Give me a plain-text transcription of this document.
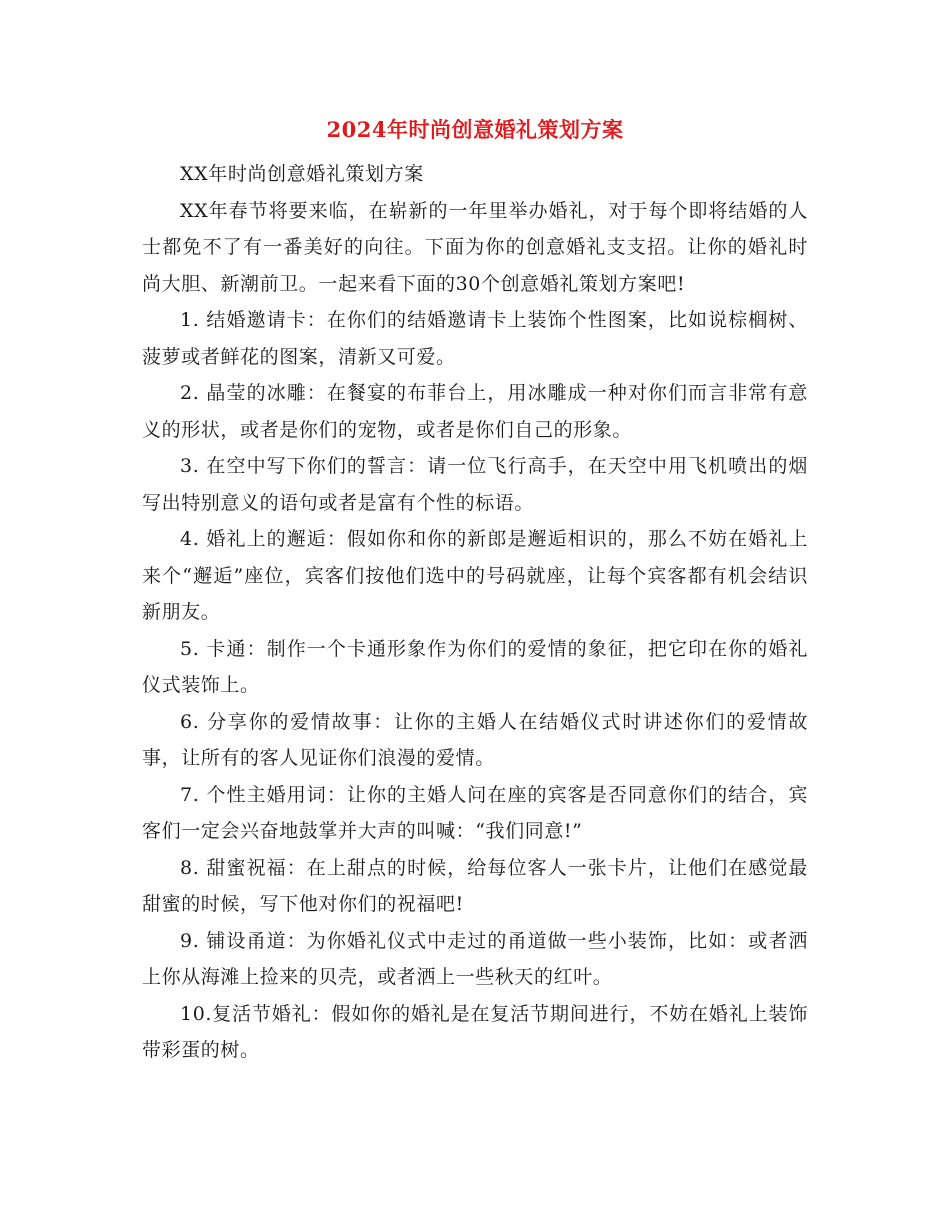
2024年时尚创意婚礼策划方案

XX年时尚创意婚礼策划方案

XX年春节将要来临，在崭新的一年里举办婚礼，对于每个即将结婚的人士都免不了有一番美好的向往。下面为你的创意婚礼支支招。让你的婚礼时尚大胆、新潮前卫。一起来看下面的30个创意婚礼策划方案吧!

1. 结婚邀请卡：在你们的结婚邀请卡上装饰个性图案，比如说棕榈树、菠萝或者鲜花的图案，清新又可爱。

2. 晶莹的冰雕：在餐宴的布菲台上，用冰雕成一种对你们而言非常有意义的形状，或者是你们的宠物，或者是你们自己的形象。

3. 在空中写下你们的誓言：请一位飞行高手，在天空中用飞机喷出的烟写出特别意义的语句或者是富有个性的标语。

4. 婚礼上的邂逅：假如你和你的新郎是邂逅相识的，那么不妨在婚礼上来个“邂逅”座位，宾客们按他们选中的号码就座，让每个宾客都有机会结识新朋友。

5. 卡通：制作一个卡通形象作为你们的爱情的象征，把它印在你的婚礼仪式装饰上。

6. 分享你的爱情故事：让你的主婚人在结婚仪式时讲述你们的爱情故事，让所有的客人见证你们浪漫的爱情。

7. 个性主婚用词：让你的主婚人问在座的宾客是否同意你们的结合，宾客们一定会兴奋地鼓掌并大声的叫喊：“我们同意!”

8. 甜蜜祝福：在上甜点的时候，给每位客人一张卡片，让他们在感觉最甜蜜的时候，写下他对你们的祝福吧!

9. 铺设甬道：为你婚礼仪式中走过的甬道做一些小装饰，比如：或者洒上你从海滩上捡来的贝壳，或者洒上一些秋天的红叶。

10.复活节婚礼：假如你的婚礼是在复活节期间进行，不妨在婚礼上装饰带彩蛋的树。
